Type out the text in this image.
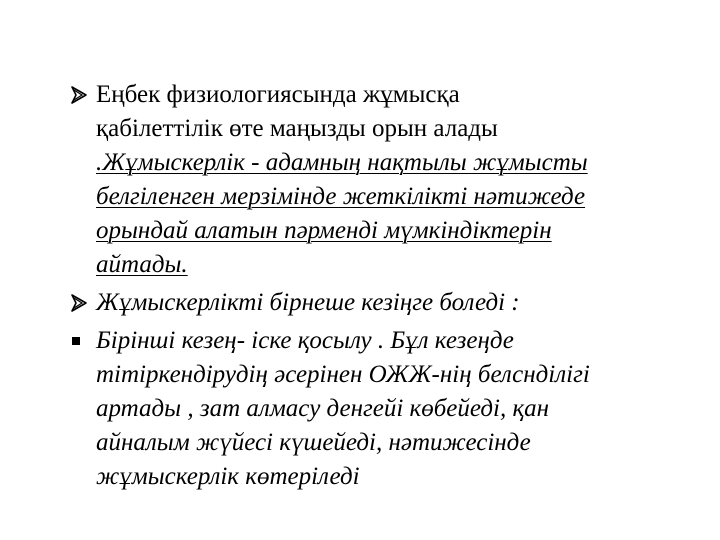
Еңбек физиологиясында жұмысқа
қабілеттілік өте маңызды орын алады
.Жұмыскерлік - адамның нақтылы жұмысты белгіленген мерзімінде жеткілікті нәтижеде орындай алатын пәрменді мүмкіндіктерін айтады.

Жұмыскерлікті бірнеше кезіңге боледі :

Бірінші кезең- іске қосылу . Бұл кезеңде тітіркендірудің әсерінен ОЖЖ-нің белсндiлiгi артады , зат алмасу денгейі көбейеді, қан айналым жүйесі күшейеді, нәтижесінде жұмыскерлік көтеріледі
